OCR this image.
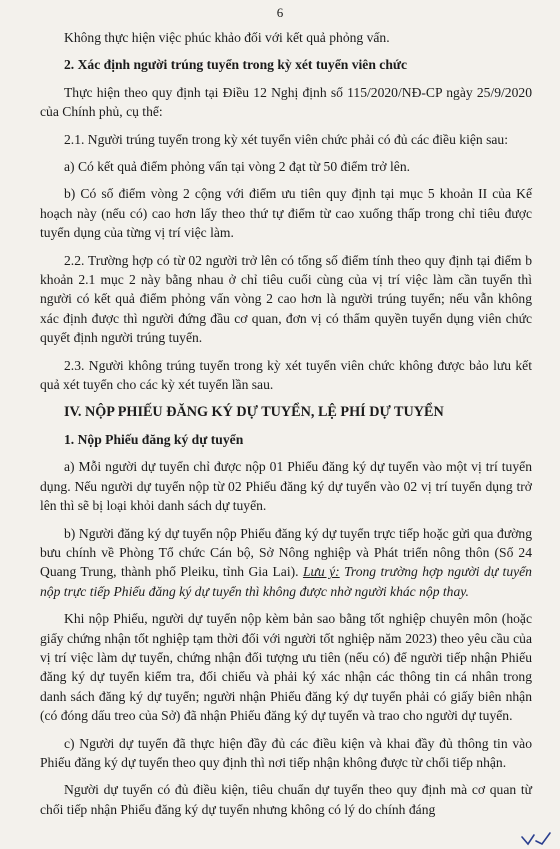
6

Không thực hiện việc phúc khảo đối với kết quả phỏng vấn.

2. Xác định người trúng tuyển trong kỳ xét tuyển viên chức

Thực hiện theo quy định tại Điều 12 Nghị định số 115/2020/NĐ-CP ngày 25/9/2020 của Chính phủ, cụ thể:

2.1. Người trúng tuyển trong kỳ xét tuyển viên chức phải có đủ các điều kiện sau:

a) Có kết quả điểm phỏng vấn tại vòng 2 đạt từ 50 điểm trở lên.

b) Có số điểm vòng 2 cộng với điểm ưu tiên quy định tại mục 5 khoản II của Kế hoạch này (nếu có) cao hơn lấy theo thứ tự điểm từ cao xuống thấp trong chỉ tiêu được tuyển dụng của từng vị trí việc làm.

2.2. Trường hợp có từ 02 người trở lên có tổng số điểm tính theo quy định tại điểm b khoản 2.1 mục 2 này bằng nhau ở chỉ tiêu cuối cùng của vị trí việc làm cần tuyển thì người có kết quả điểm phỏng vấn vòng 2 cao hơn là người trúng tuyển; nếu vẫn không xác định được thì người đứng đầu cơ quan, đơn vị có thẩm quyền tuyển dụng viên chức quyết định người trúng tuyển.

2.3. Người không trúng tuyển trong kỳ xét tuyển viên chức không được bảo lưu kết quả xét tuyển cho các kỳ xét tuyển lần sau.

IV. NỘP PHIẾU ĐĂNG KÝ DỰ TUYỂN, LỆ PHÍ DỰ TUYỂN

1. Nộp Phiếu đăng ký dự tuyển

a) Mỗi người dự tuyển chỉ được nộp 01 Phiếu đăng ký dự tuyển vào một vị trí tuyển dụng. Nếu người dự tuyển nộp từ 02 Phiếu đăng ký dự tuyển vào 02 vị trí tuyển dụng trở lên thì sẽ bị loại khỏi danh sách dự tuyển.

b) Người đăng ký dự tuyển nộp Phiếu đăng ký dự tuyển trực tiếp hoặc gửi qua đường bưu chính về Phòng Tổ chức Cán bộ, Sở Nông nghiệp và Phát triển nông thôn (Số 24 Quang Trung, thành phố Pleiku, tỉnh Gia Lai). Lưu ý: Trong trường hợp người dự tuyển nộp trực tiếp Phiếu đăng ký dự tuyển thì không được nhờ người khác nộp thay.

Khi nộp Phiếu, người dự tuyển nộp kèm bản sao bằng tốt nghiệp chuyên môn (hoặc giấy chứng nhận tốt nghiệp tạm thời đối với người tốt nghiệp năm 2023) theo yêu cầu của vị trí việc làm dự tuyển, chứng nhận đối tượng ưu tiên (nếu có) để người tiếp nhận Phiếu đăng ký dự tuyển kiểm tra, đối chiếu và phải ký xác nhận các thông tin cá nhân trong danh sách đăng ký dự tuyển; người nhận Phiếu đăng ký dự tuyển phải có giấy biên nhận (có đóng dấu treo của Sở) đã nhận Phiếu đăng ký dự tuyển và trao cho người dự tuyển.

c) Người dự tuyển đã thực hiện đầy đủ các điều kiện và khai đầy đủ thông tin vào Phiếu đăng ký dự tuyển theo quy định thì nơi tiếp nhận không được từ chối tiếp nhận.

Người dự tuyển có đủ điều kiện, tiêu chuẩn dự tuyển theo quy định mà cơ quan từ chối tiếp nhận Phiếu đăng ký dự tuyển nhưng không có lý do chính đáng
